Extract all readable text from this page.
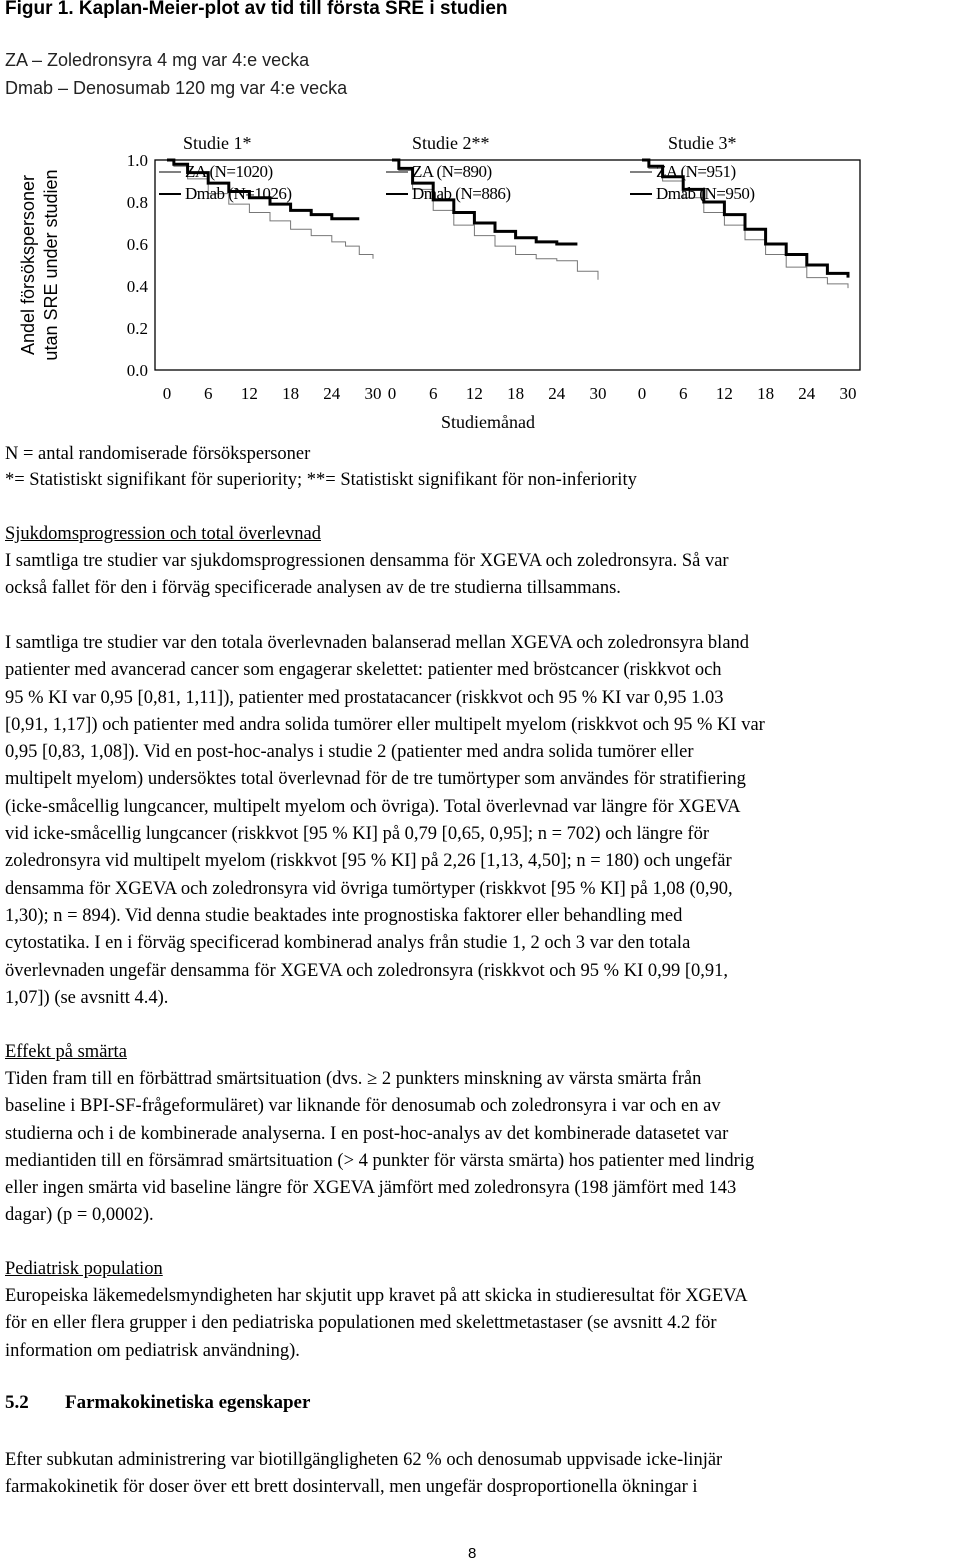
Figur 1. Kaplan-Meier-plot av tid till första SRE i studien
ZA – Zoledronsyra 4 mg var 4:e vecka
Dmab – Denosumab 120 mg var 4:e vecka
Andel försökspersoner utan SRE under studien
1.0
0.8
0.6
0.4
0.2
0.0
Studie 1*
0 6 12 18 24 30
ZA (N=1020)
Dmab (N=1026)
Studie 2**
0 6 12 18 24 30
ZA (N=890)
Dmab (N=886)
Studie 3*
0 6 12 18 24 30
ZA (N=951)
Dmab (N=950)
Studiemånad
N = antal randomiserade försökspersoner
*= Statistiskt signifikant för superiority; **= Statistiskt signifikant för non-inferiority
Sjukdomsprogression och total överlevnad
I samtliga tre studier var sjukdomsprogressionen densamma för XGEVA och zoledronsyra. Så var
också fallet för den i förväg specificerade analysen av de tre studierna tillsammans.
I samtliga tre studier var den totala överlevnaden balanserad mellan XGEVA och zoledronsyra bland
patienter med avancerad cancer som engagerar skelettet: patienter med bröstcancer (riskkvot och
95 % KI var 0,95 [0,81, 1,11]), patienter med prostatacancer (riskkvot och 95 % KI var 0,95 1.03
[0,91, 1,17]) och patienter med andra solida tumörer eller multipelt myelom (riskkvot och 95 % KI var
0,95 [0,83, 1,08]). Vid en post-hoc-analys i studie 2 (patienter med andra solida tumörer eller
multipelt myelom) undersöktes total överlevnad för de tre tumörtyper som användes för stratifiering
(icke-småcellig lungcancer, multipelt myelom och övriga). Total överlevnad var längre för XGEVA
vid icke-småcellig lungcancer (riskkvot [95 % KI] på 0,79 [0,65, 0,95]; n = 702) och längre för
zoledronsyra vid multipelt myelom (riskkvot [95 % KI] på 2,26 [1,13, 4,50]; n = 180) och ungefär
densamma för XGEVA och zoledronsyra vid övriga tumörtyper (riskkvot [95 % KI] på 1,08 (0,90,
1,30); n = 894). Vid denna studie beaktades inte prognostiska faktorer eller behandling med
cytostatika. I en i förväg specificerad kombinerad analys från studie 1, 2 och 3 var den totala
överlevnaden ungefär densamma för XGEVA och zoledronsyra (riskkvot och 95 % KI 0,99 [0,91,
1,07]) (se avsnitt 4.4).
Effekt på smärta
Tiden fram till en förbättrad smärtsituation (dvs. ≥ 2 punkters minskning av värsta smärta från
baseline i BPI-SF-frågeformuläret) var liknande för denosumab och zoledronsyra i var och en av
studierna och i de kombinerade analyserna. I en post-hoc-analys av det kombinerade datasetet var
mediantiden till en försämrad smärtsituation (> 4 punkter för värsta smärta) hos patienter med lindrig
eller ingen smärta vid baseline längre för XGEVA jämfört med zoledronsyra (198 jämfört med 143
dagar) (p = 0,0002).
Pediatrisk population
Europeiska läkemedelsmyndigheten har skjutit upp kravet på att skicka in studieresultat för XGEVA
för en eller flera grupper i den pediatriska populationen med skelettmetastaser (se avsnitt 4.2 för
information om pediatrisk användning).
5.2 Farmakokinetiska egenskaper
Efter subkutan administrering var biotillgängligheten 62 % och denosumab uppvisade icke-linjär
farmakokinetik för doser över ett brett dosintervall, men ungefär dosproportionella ökningar i
8
